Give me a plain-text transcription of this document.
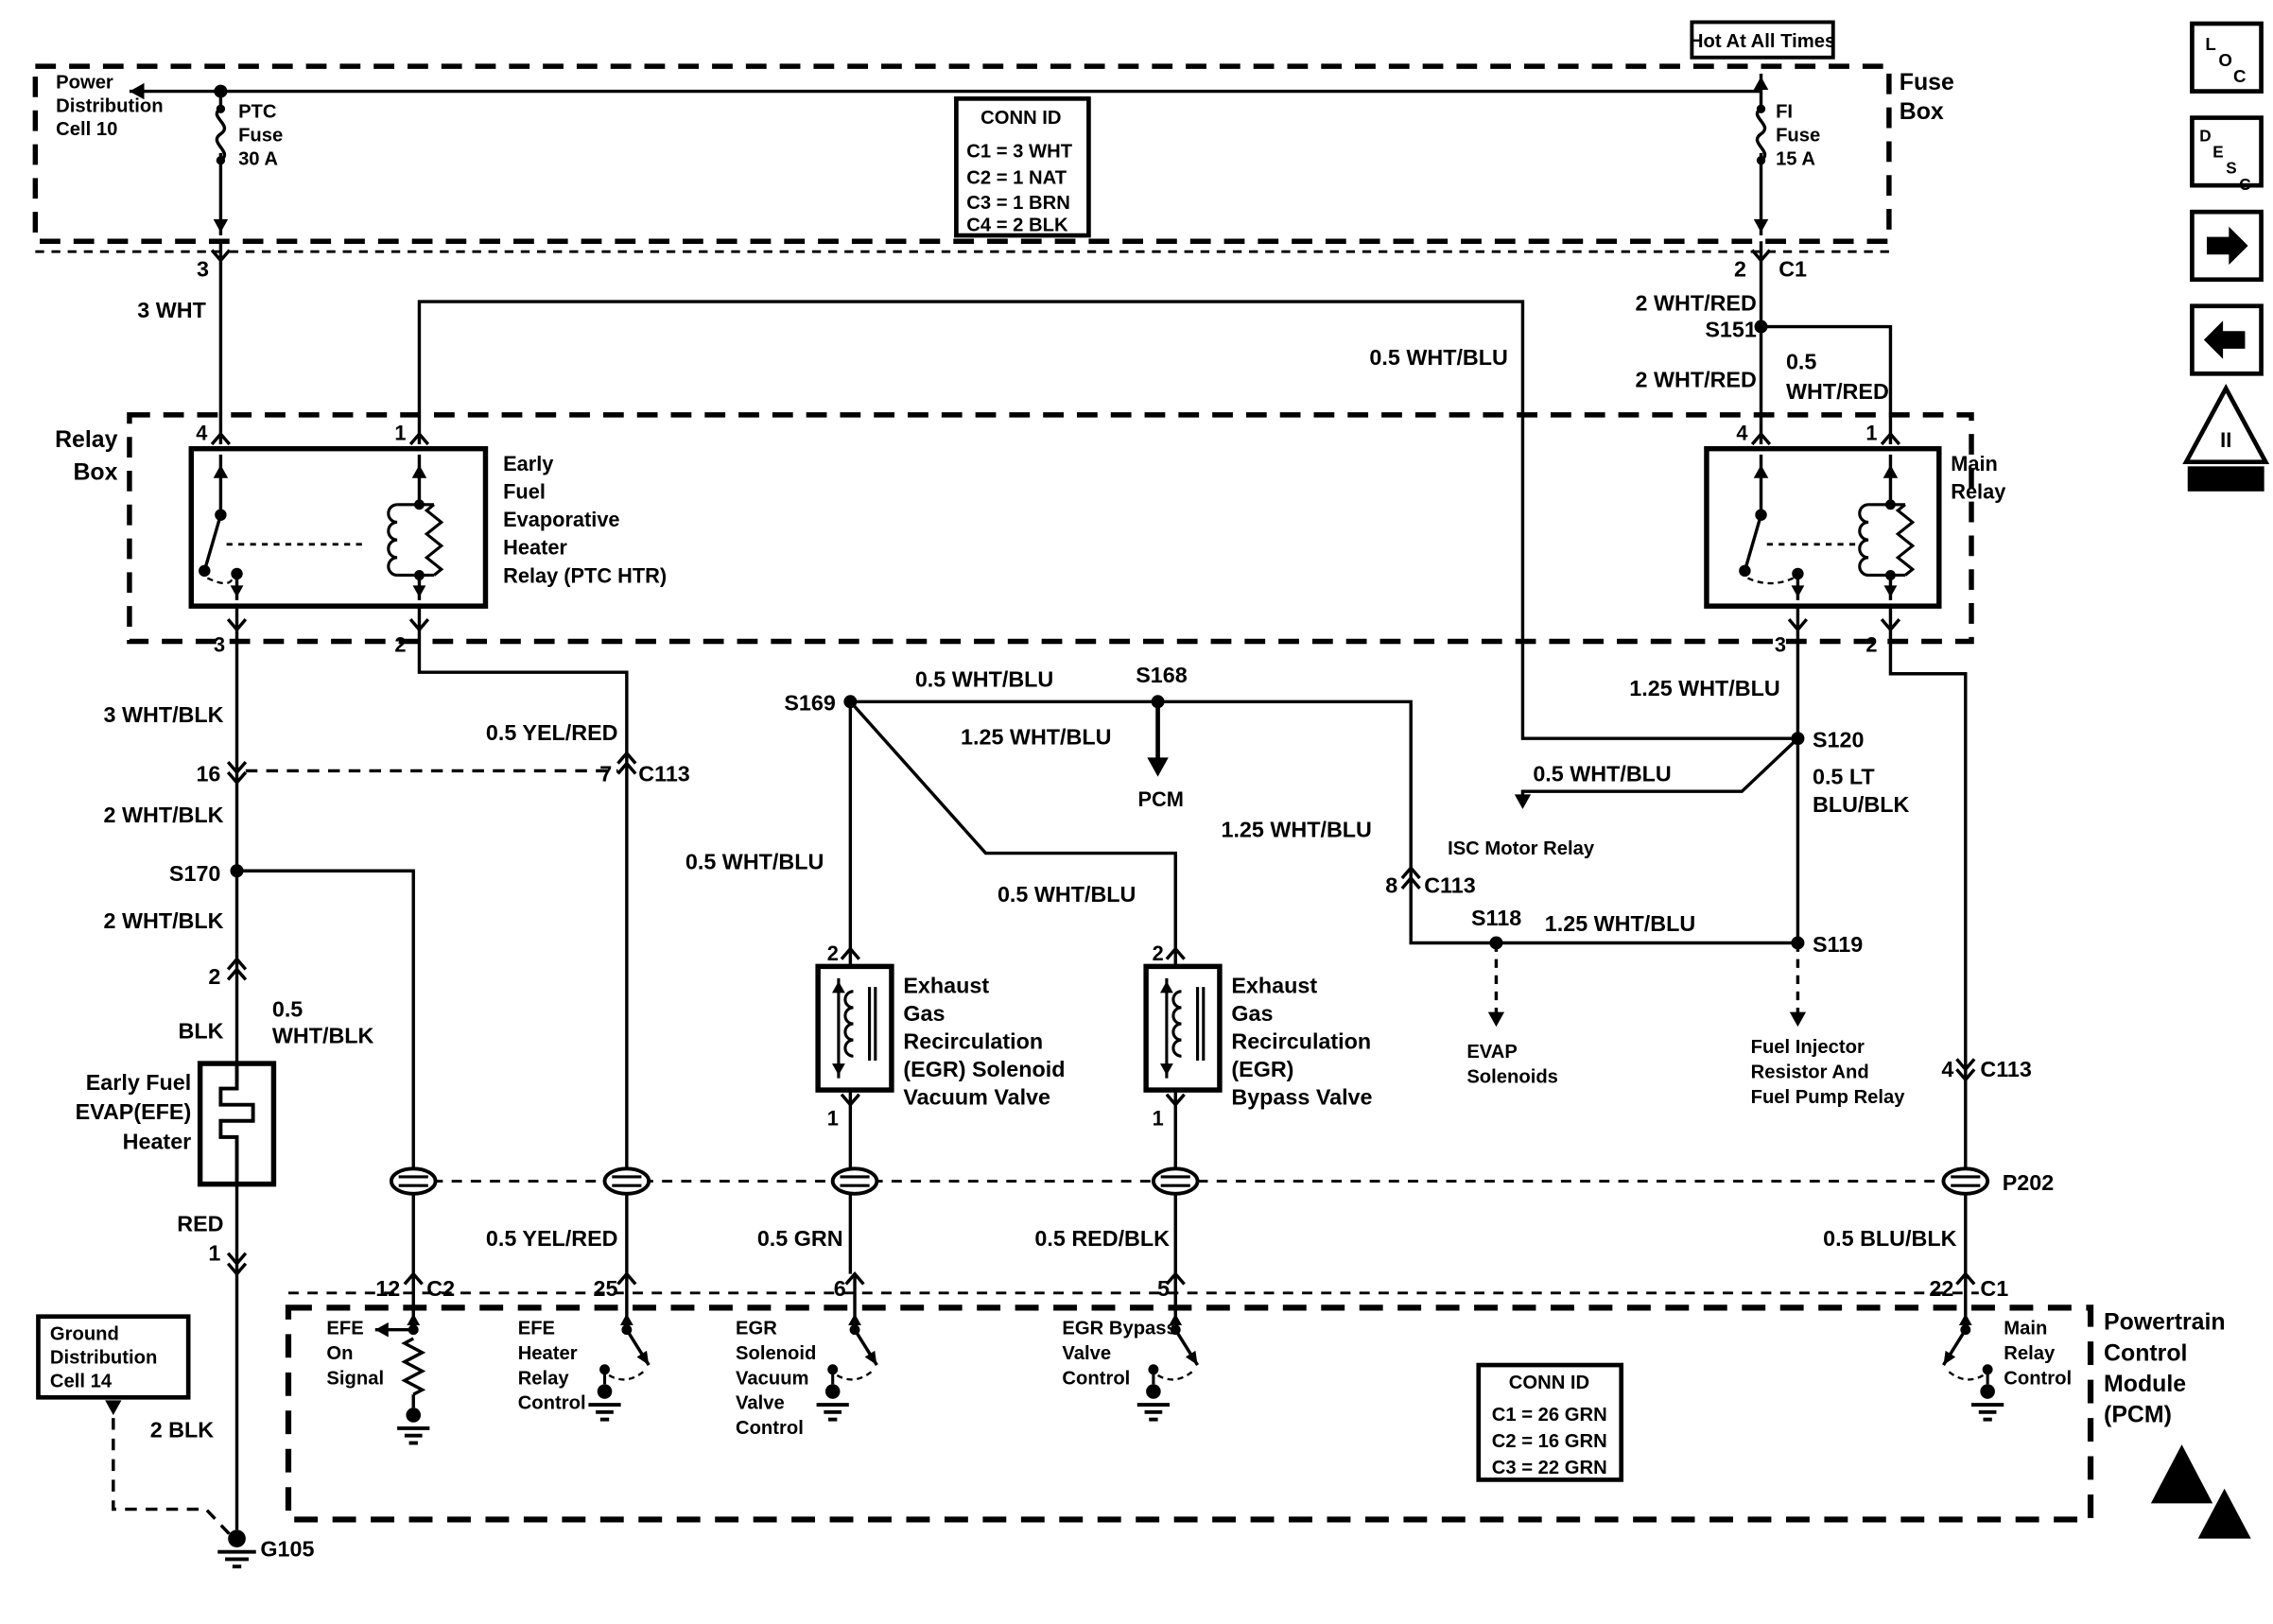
Power
Distribution
Cell 10
PTC
Fuse
30 A
CONN ID
C1 = 3 WHT
C2 = 1 NAT
C3 = 1 BRN
C4 = 2 BLK
FI
Fuse
15 A
Hot At All Times
Fuse
Box
3
3 WHT
2 C1
2 WHT/RED
S151
2 WHT/RED
0.5
WHT/RED
Relay
Box
4	1
3	2
Early
Fuel
Evaporative
Heater
Relay (PTC HTR)
4	1
3	2
Main
Relay
0.5 WHT/BLU
3 WHT/BLK
16
0.5 YEL/RED
7 C113
2 WHT/BLK
S170
2 WHT/BLK
2
0.5
WHT/BLK
BLK
Early Fuel
EVAP(EFE)
Heater
RED
1
Ground
Distribution
Cell 14
2 BLK
G105
S169
0.5 WHT/BLU	S168
1.25 WHT/BLU
PCM
0.5 WHT/BLU
0.5 WHT/BLU
1.25 WHT/BLU
8 C113
0.5 WHT/BLU
ISC Motor Relay
S118 1.25 WHT/BLU
EVAP
Solenoids
1.25 WHT/BLU
S120
0.5 LT
BLU/BLK
S119
Fuel Injector
Resistor And
Fuel Pump Relay
4 C113
P202
2
1
Exhaust
Gas
Recirculation
(EGR) Solenoid
Vacuum Valve
2
1
Exhaust
Gas
Recirculation
(EGR)
Bypass Valve
0.5 YEL/RED	0.5 GRN	0.5 RED/BLK	0.5 BLU/BLK
12 C2	25	6	5	22 C1
EFE
On
Signal
EFE
Heater
Relay
Control
EGR
Solenoid
Vacuum
Valve
Control
EGR Bypass
Valve
Control	CONN ID
C1 = 26 GRN
C2 = 16 GRN
C3 = 22 GRN
Main
Relay
Control
Powertrain
Control
Module
(PCM)
L
O
C
D
E
S
C
II
OBD II
